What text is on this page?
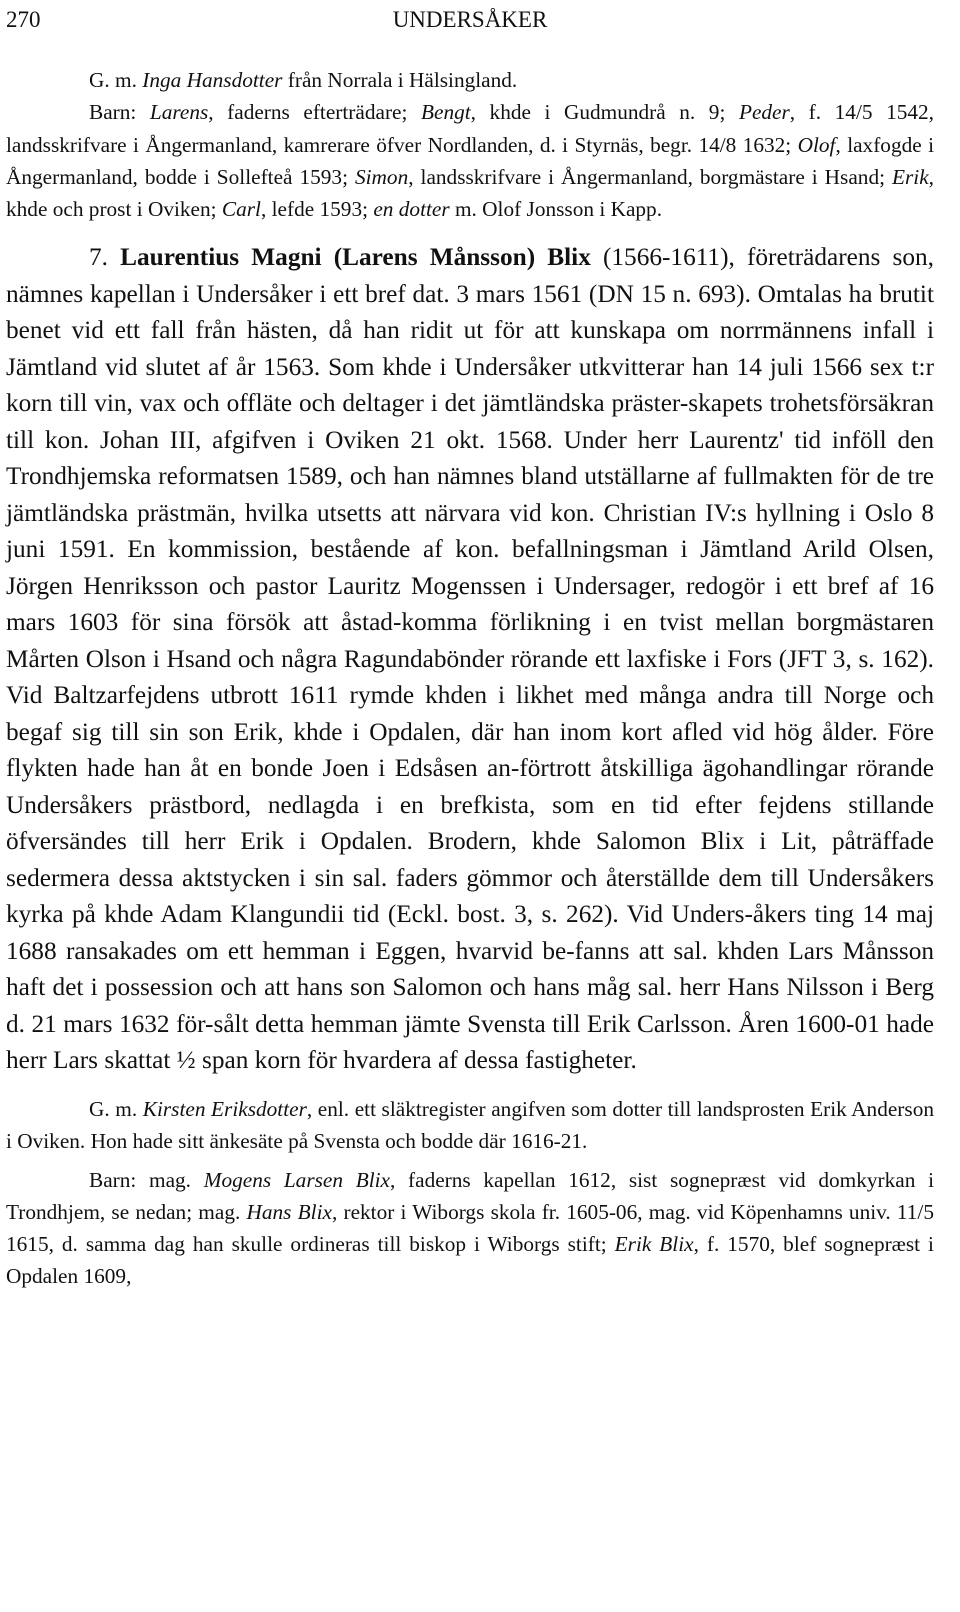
270	UNDERSÅKER

G. m. Inga Hansdotter från Norrala i Hälsingland.

Barn: Larens, faderns efterträdare; Bengt, khde i Gudmundrå n. 9; Peder, f. 14/5 1542, landsskrifvare i Ångermanland, kamrerare öfver Nordlanden, d. i Styrnäs, begr. 14/8 1632; Olof, laxfogde i Ångermanland, bodde i Sollefteå 1593; Simon, landsskrifvare i Ångermanland, borgmästare i Hsand; Erik, khde och prost i Oviken; Carl, lefde 1593; en dotter m. Olof Jonsson i Kapp.

7. Laurentius Magni (Larens Månsson) Blix (1566-1611), företrädarens son, nämnes kapellan i Undersåker i ett bref dat. 3 mars 1561 (DN 15 n. 693). Omtalas ha brutit benet vid ett fall från hästen, då han ridit ut för att kunskapa om norrmännens infall i Jämtland vid slutet af år 1563. Som khde i Undersåker utkvitterar han 14 juli 1566 sex t:r korn till vin, vax och offläte och deltager i det jämtländska präster-skapets trohetsförsäkran till kon. Johan III, afgifven i Oviken 21 okt. 1568. Under herr Laurentz' tid inföll den Trondhjemska reformatsen 1589, och han nämnes bland utställarne af fullmakten för de tre jämtländska prästmän, hvilka utsetts att närvara vid kon. Christian IV:s hyllning i Oslo 8 juni 1591. En kommission, bestående af kon. befallningsman i Jämtland Arild Olsen, Jörgen Henriksson och pastor Lauritz Mogenssen i Undersager, redogör i ett bref af 16 mars 1603 för sina försök att åstad-komma förlikning i en tvist mellan borgmästaren Mårten Olson i Hsand och några Ragundabönder rörande ett laxfiske i Fors (JFT 3, s. 162). Vid Baltzarfejdens utbrott 1611 rymde khden i likhet med många andra till Norge och begaf sig till sin son Erik, khde i Opdalen, där han inom kort afled vid hög ålder. Före flykten hade han åt en bonde Joen i Edsåsen an-förtrott åtskilliga ägohandlingar rörande Undersåkers prästbord, nedlagda i en brefkista, som en tid efter fejdens stillande öfversändes till herr Erik i Opdalen. Brodern, khde Salomon Blix i Lit, påträffade sedermera dessa aktstycken i sin sal. faders gömmor och återställde dem till Undersåkers kyrka på khde Adam Klangundii tid (Eckl. bost. 3, s. 262). Vid Unders-åkers ting 14 maj 1688 ransakades om ett hemman i Eggen, hvarvid be-fanns att sal. khden Lars Månsson haft det i possession och att hans son Salomon och hans måg sal. herr Hans Nilsson i Berg d. 21 mars 1632 för-sålt detta hemman jämte Svensta till Erik Carlsson. Åren 1600-01 hade herr Lars skattat ½ span korn för hvardera af dessa fastigheter.

G. m. Kirsten Eriksdotter, enl. ett släktregister angifven som dotter till landsprosten Erik Anderson i Oviken. Hon hade sitt änkesäte på Svensta och bodde där 1616-21.

Barn: mag. Mogens Larsen Blix, faderns kapellan 1612, sist sognepræst vid domkyrkan i Trondhjem, se nedan; mag. Hans Blix, rektor i Wiborgs skola fr. 1605-06, mag. vid Köpenhamns univ. 11/5 1615, d. samma dag han skulle ordineras till biskop i Wiborgs stift; Erik Blix, f. 1570, blef sognepræst i Opdalen 1609,
